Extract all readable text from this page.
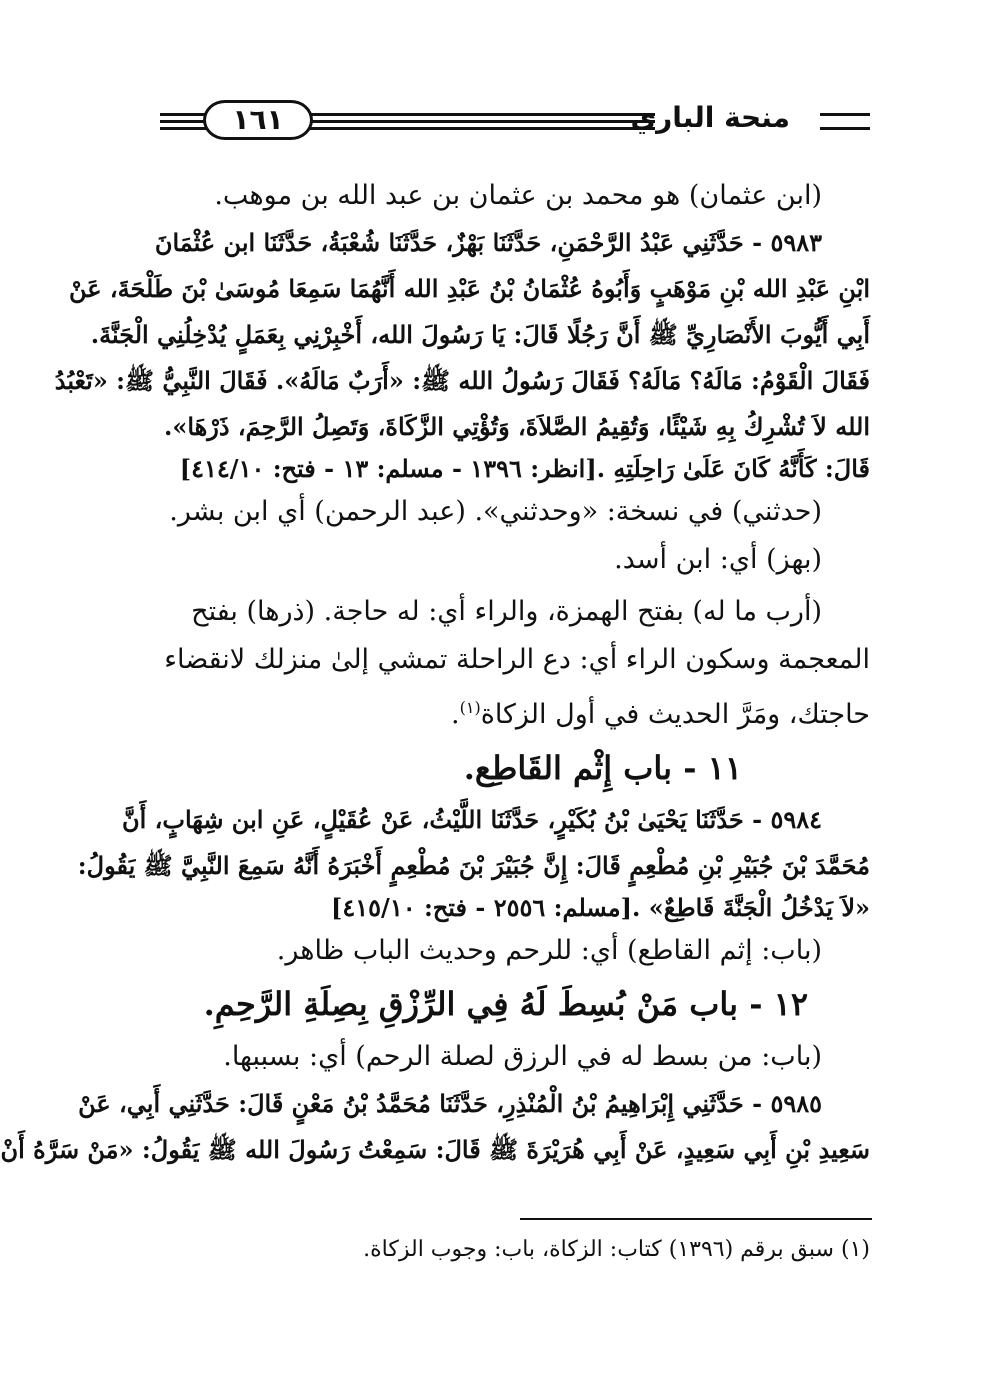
١٦١	منحة الباري
(ابن عثمان) هو محمد بن عثمان بن عبد الله بن موهب.
٥٩٨٣ - حَدَّثَنِي عَبْدُ الرَّحْمَنِ، حَدَّثَنَا بَهْزٌ، حَدَّثَنَا شُعْبَةُ، حَدَّثَنَا ابن عُثْمَانَ
ابْنِ عَبْدِ الله بْنِ مَوْهَبٍ وَأَبُوهُ عُثْمَانُ بْنُ عَبْدِ الله أَنَّهُمَا سَمِعَا مُوسَىٰ بْنَ طَلْحَةَ، عَنْ
أَبِي أَيُّوبَ الأَنْصَارِيِّ ﷺ أَنَّ رَجُلًا قَالَ: يَا رَسُولَ الله، أَخْبِرْنِي بِعَمَلٍ يُدْخِلُنِي الْجَنَّةَ.
فَقَالَ الْقَوْمُ: مَالَهُ؟ مَالَهُ؟ فَقَالَ رَسُولُ الله ﷺ: «أَرَبٌ مَالَهُ». فَقَالَ النَّبِيُّ ﷺ: «تَعْبُدُ
الله لاَ تُشْرِكُ بِهِ شَيْئًا، وَتُقِيمُ الصَّلاَةَ، وَتُؤْتِي الزَّكَاةَ، وَتَصِلُ الرَّحِمَ، ذَرْهَا».
قَالَ: كَأَنَّهُ كَانَ عَلَىٰ رَاحِلَتِهِ .[انظر: ١٣٩٦ - مسلم: ١٣ - فتح: ٤١٤/١٠]
(حدثني) في نسخة: «وحدثني». (عبد الرحمن) أي ابن بشر.
(بهز) أي: ابن أسد.
(أرب ما له) بفتح الهمزة، والراء أي: له حاجة. (ذرها) بفتح
المعجمة وسكون الراء أي: دع الراحلة تمشي إلىٰ منزلك لانقضاء
حاجتك، ومَرَّ الحديث في أول الزكاة$^{(١)}$.
١١ - باب إِثْم القَاطِع.
٥٩٨٤ - حَدَّثَنَا يَحْيَىٰ بْنُ بُكَيْرٍ، حَدَّثَنَا اللَّيْثُ، عَنْ عُقَيْلٍ، عَنِ ابن شِهَابٍ، أَنَّ
مُحَمَّدَ بْنَ جُبَيْرِ بْنِ مُطْعِمٍ قَالَ: إِنَّ جُبَيْرَ بْنَ مُطْعِمٍ أَخْبَرَهُ أَنَّهُ سَمِعَ النَّبِيَّ ﷺ يَقُولُ:
«لاَ يَدْخُلُ الْجَنَّةَ قَاطِعٌ» .[مسلم: ٢٥٥٦ - فتح: ٤١٥/١٠]
(باب: إثم القاطع) أي: للرحم وحديث الباب ظاهر.
١٢ - باب مَنْ بُسِطَ لَهُ فِي الرِّزْقِ بِصِلَةِ الرَّحِمِ.
(باب: من بسط له في الرزق لصلة الرحم) أي: بسببها.
٥٩٨٥ - حَدَّثَنِي إِبْرَاهِيمُ بْنُ الْمُنْذِرِ، حَدَّثَنَا مُحَمَّدُ بْنُ مَعْنٍ قَالَ: حَدَّثَنِي أَبِي، عَنْ
سَعِيدِ بْنِ أَبِي سَعِيدٍ، عَنْ أَبِي هُرَيْرَةَ ﷺ قَالَ: سَمِعْتُ رَسُولَ الله ﷺ يَقُولُ: «مَنْ سَرَّهُ أَنْ
(١) سبق برقم (١٣٩٦) كتاب: الزكاة، باب: وجوب الزكاة.
